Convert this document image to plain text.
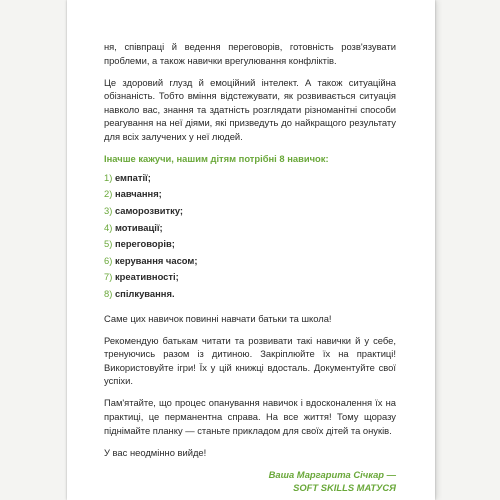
ня, співпраці й ведення переговорів, готовність розв'язувати проблеми, а також навички врегулювання конфліктів.

Це здоровий глузд й емоційний інтелект. А також ситуаційна обізнаність. Тобто вміння відстежувати, як розвивається ситуація навколо вас, знання та здатність розглядати різноманітні способи реагування на неї діями, які призведуть до найкращого результату для всіх залучених у неї людей.

Іначше кажучи, нашим дітям потрібні 8 навичок:

1) емпатії;
2) навчання;
3) саморозвитку;
4) мотивації;
5) переговорів;
6) керування часом;
7) креативності;
8) спілкування.

Саме цих навичок повинні навчати батьки та школа!

Рекомендую батькам читати та розвивати такі навички й у себе, тренуючись разом із дитиною. Закріплюйте їх на практиці! Використовуйте ігри! Їх у цій книжці вдосталь. Документуйте свої успіхи.

Пам'ятайте, що процес опанування навичок і вдосконалення їх на практиці, це перманентна справа. На все життя! Тому щоразу піднімайте планку — станьте прикладом для своїх дітей та онуків.

У вас неодмінно вийде!

Ваша Маргарита Січкар —
SOFT SKILLS МАТУСЯ
